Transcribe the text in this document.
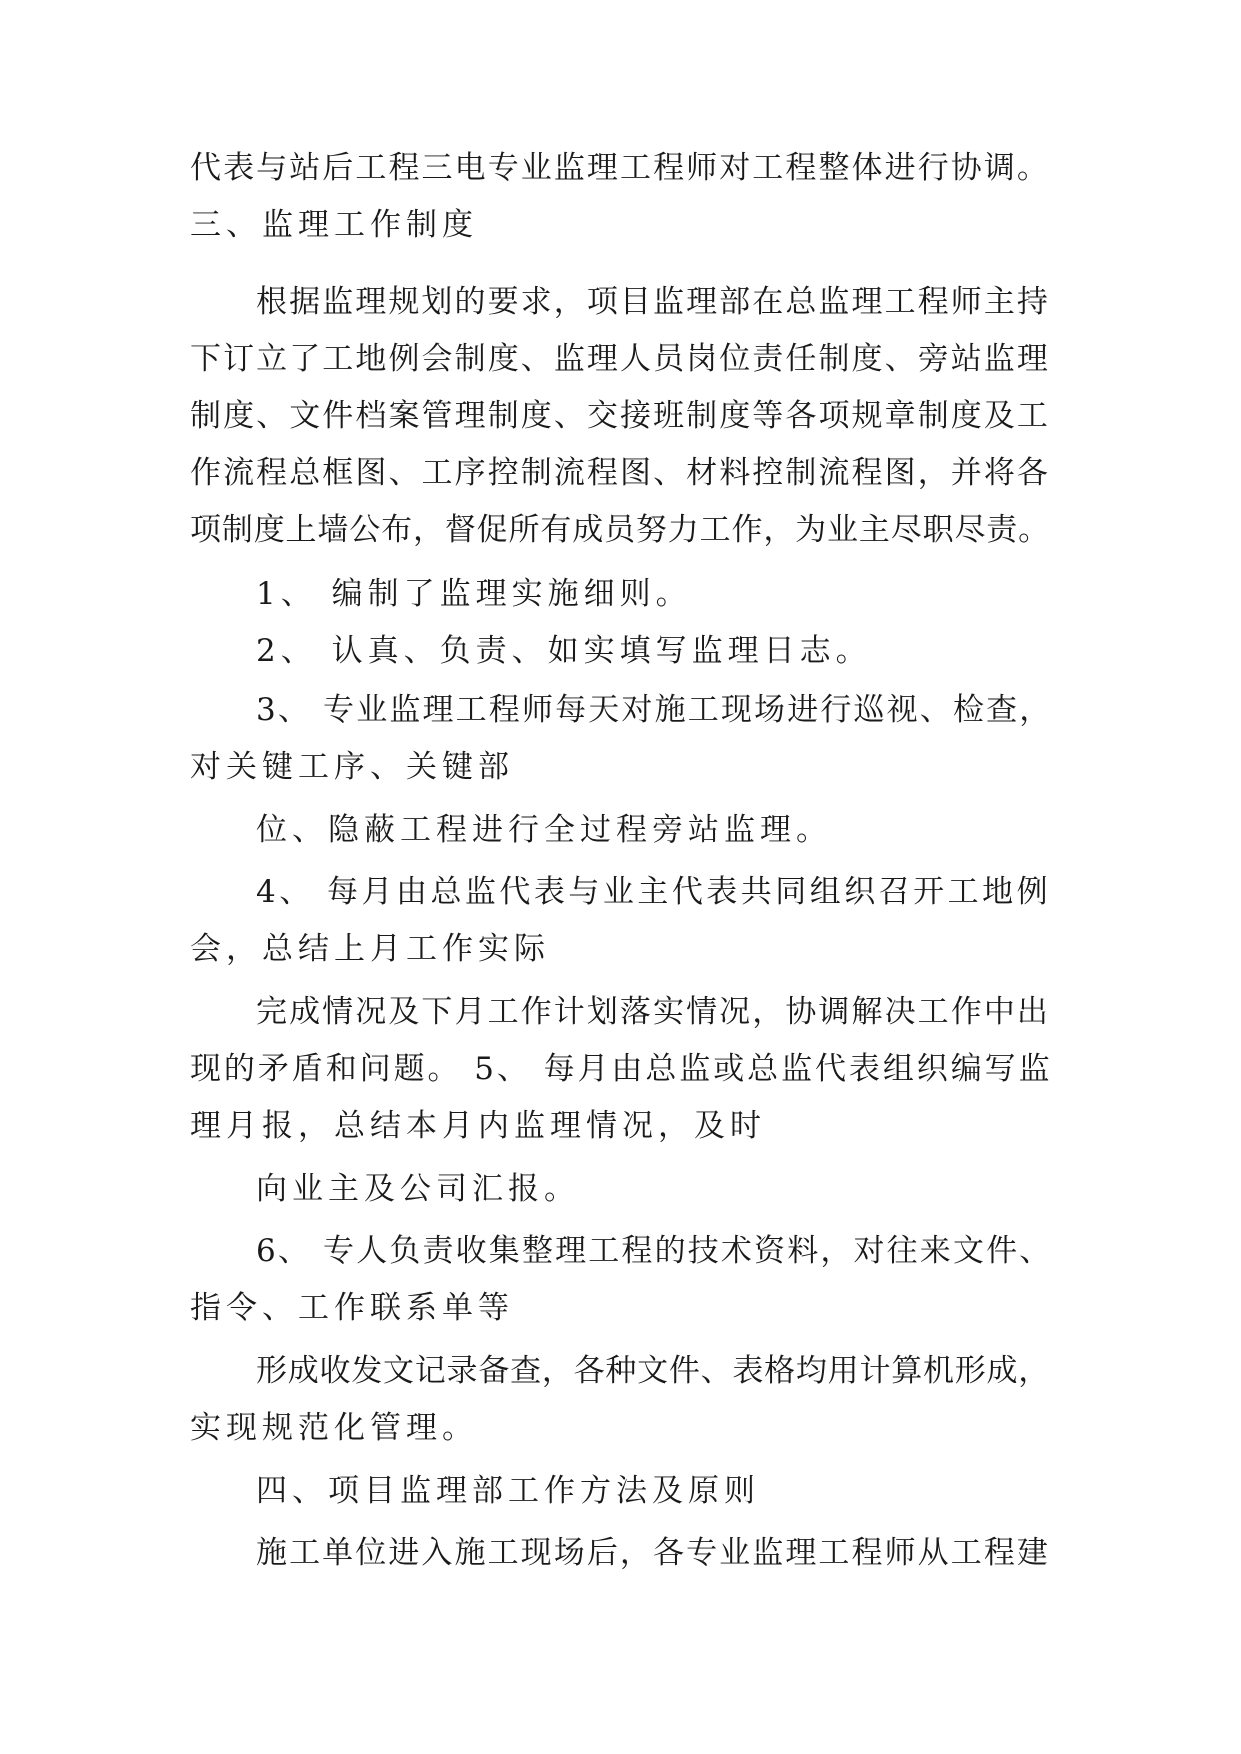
代表与站后工程三电专业监理工程师对工程整体进行协调。
三、监理工作制度
根据监理规划的要求，项目监理部在总监理工程师主持
下订立了工地例会制度、监理人员岗位责任制度、旁站监理
制度、文件档案管理制度、交接班制度等各项规章制度及工
作流程总框图、工序控制流程图、材料控制流程图，并将各
项制度上墙公布，督促所有成员努力工作，为业主尽职尽责。
1、 编制了监理实施细则。
2、 认真、负责、如实填写监理日志。
3、 专业监理工程师每天对施工现场进行巡视、检查，
对关键工序、关键部
位、隐蔽工程进行全过程旁站监理。
4、 每月由总监代表与业主代表共同组织召开工地例
会，总结上月工作实际
完成情况及下月工作计划落实情况，协调解决工作中出
现的矛盾和问题。 5、 每月由总监或总监代表组织编写监
理月报，总结本月内监理情况，及时
向业主及公司汇报。
6、 专人负责收集整理工程的技术资料，对往来文件、
指令、工作联系单等
形成收发文记录备查，各种文件、表格均用计算机形成，
实现规范化管理。
四、项目监理部工作方法及原则
施工单位进入施工现场后，各专业监理工程师从工程建
